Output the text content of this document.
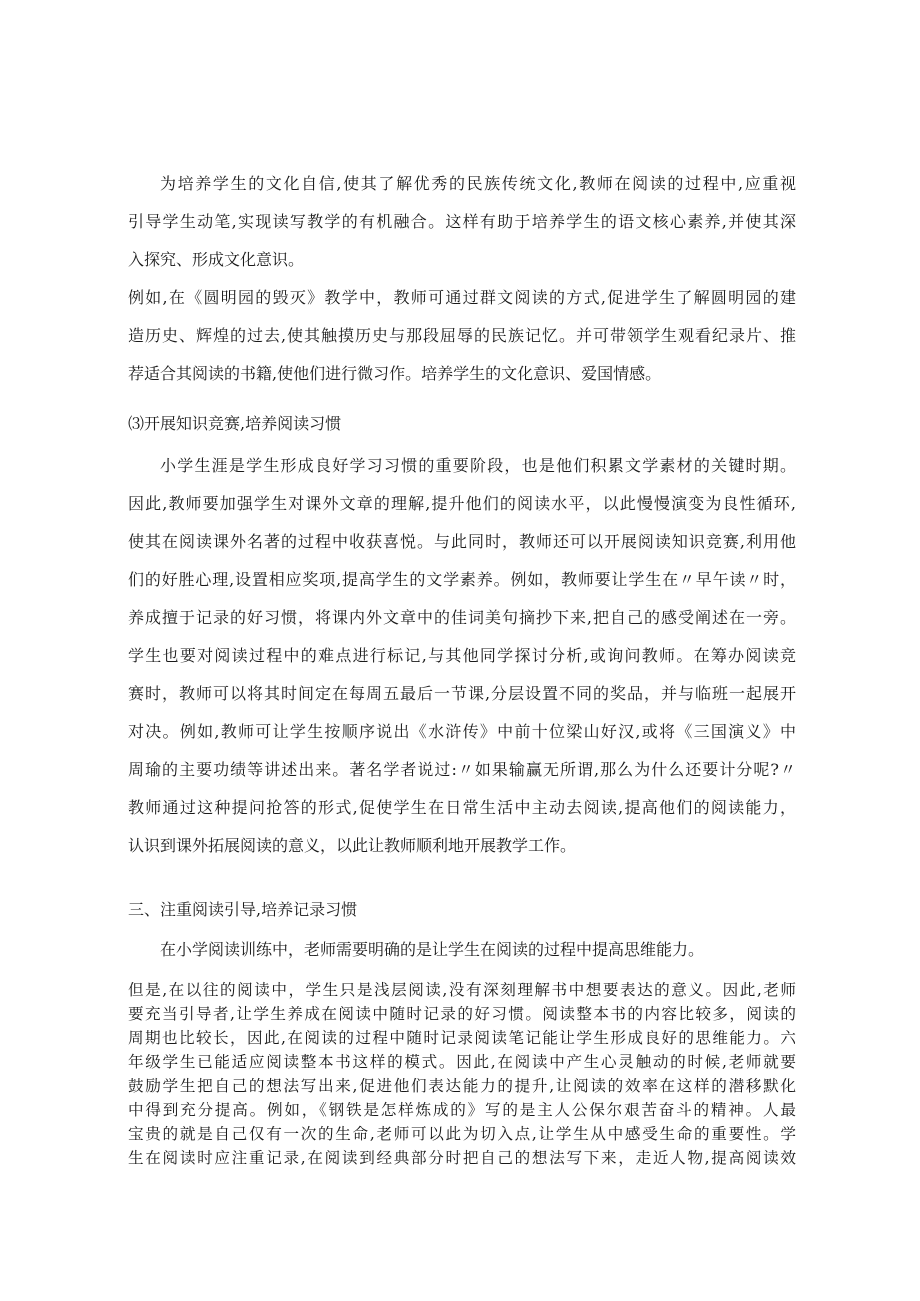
为培养学生的文化自信,使其了解优秀的民族传统文化,教师在阅读的过程中,应重视
引导学生动笔,实现读写教学的有机融合。这样有助于培养学生的语文核心素养,并使其深
入探究、形成文化意识。
例如,在《圆明园的毁灭》教学中，教师可通过群文阅读的方式,促进学生了解圆明园的建
造历史、辉煌的过去,使其触摸历史与那段屈辱的民族记忆。并可带领学生观看纪录片、推
荐适合其阅读的书籍,使他们进行微习作。培养学生的文化意识、爱国情感。
⑶开展知识竞赛,培养阅读习惯
小学生涯是学生形成良好学习习惯的重要阶段，也是他们积累文学素材的关键时期。
因此,教师要加强学生对课外文章的理解,提升他们的阅读水平，以此慢慢演变为良性循环,
使其在阅读课外名著的过程中收获喜悦。与此同时，教师还可以开展阅读知识竞赛,利用他
们的好胜心理,设置相应奖项,提高学生的文学素养。例如，教师要让学生在〃早午读〃时，
养成擅于记录的好习惯，将课内外文章中的佳词美句摘抄下来,把自己的感受阐述在一旁。
学生也要对阅读过程中的难点进行标记,与其他同学探讨分析,或询问教师。在筹办阅读竞
赛时，教师可以将其时间定在每周五最后一节课,分层设置不同的奖品，并与临班一起展开
对决。例如,教师可让学生按顺序说出《水浒传》中前十位梁山好汉,或将《三国演义》中
周瑜的主要功绩等讲述出来。著名学者说过:〃如果输赢无所谓,那么为什么还要计分呢?〃
教师通过这种提问抢答的形式,促使学生在日常生活中主动去阅读,提高他们的阅读能力，
认识到课外拓展阅读的意义，以此让教师顺利地开展教学工作。
三、注重阅读引导,培养记录习惯
在小学阅读训练中，老师需要明确的是让学生在阅读的过程中提高思维能力。
但是,在以往的阅读中，学生只是浅层阅读,没有深刻理解书中想要表达的意义。因此,老师
要充当引导者,让学生养成在阅读中随时记录的好习惯。阅读整本书的内容比较多，阅读的
周期也比较长，因此,在阅读的过程中随时记录阅读笔记能让学生形成良好的思维能力。六
年级学生已能适应阅读整本书这样的模式。因此,在阅读中产生心灵触动的时候,老师就要
鼓励学生把自己的想法写出来,促进他们表达能力的提升,让阅读的效率在这样的潜移默化
中得到充分提高。例如，《钢铁是怎样炼成的》写的是主人公保尔艰苦奋斗的精神。人最
宝贵的就是自己仅有一次的生命,老师可以此为切入点,让学生从中感受生命的重要性。学
生在阅读时应注重记录,在阅读到经典部分时把自己的想法写下来，走近人物,提高阅读效
